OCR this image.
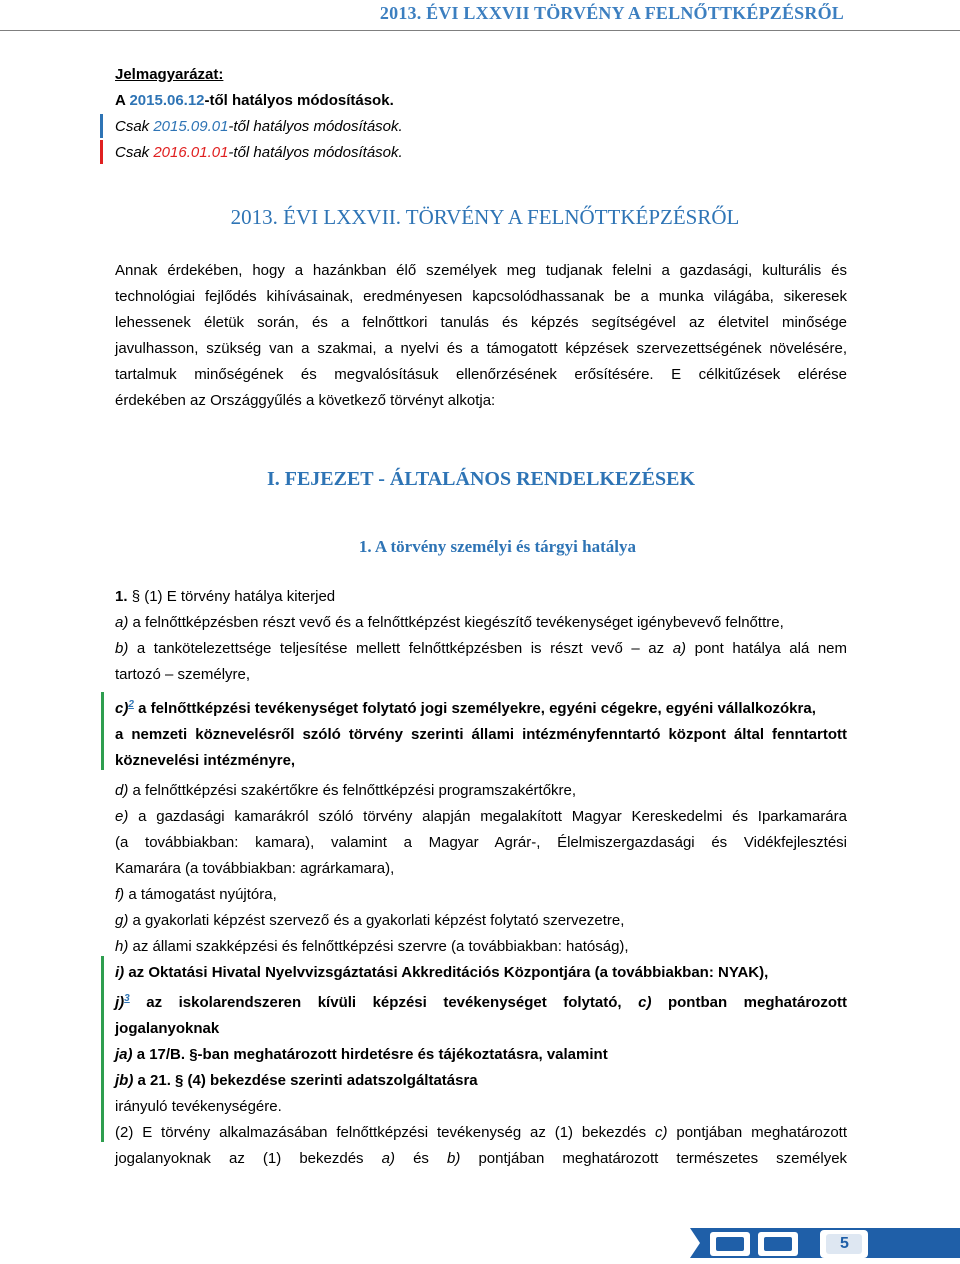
2013. ÉVI LXXVII TÖRVÉNY A FELNŐTTKÉPZÉSRŐL
Jelmagyarázat:
A 2015.06.12-től hatályos módosítások.
Csak 2015.09.01-től hatályos módosítások.
Csak 2016.01.01-től hatályos módosítások.
2013. ÉVI LXXVII. TÖRVÉNY A FELNŐTTKÉPZÉSRŐL
Annak érdekében, hogy a hazánkban élő személyek meg tudjanak felelni a gazdasági, kulturális és
technológiai fejlődés kihívásainak, eredményesen kapcsolódhassanak be a munka világába, sikeresek
lehessenek életük során, és a felnőttkori tanulás és képzés segítségével az életvitel minősége
javulhasson, szükség van a szakmai, a nyelvi és a támogatott képzések szervezettségének növelésére,
tartalmuk minőségének és megvalósításuk ellenőrzésének erősítésére. E célkitűzések elérése
érdekében az Országgyűlés a következő törvényt alkotja:
I. FEJEZET - ÁLTALÁNOS RENDELKEZÉSEK
1. A törvény személyi és tárgyi hatálya

1. § (1) E törvény hatálya kiterjed

a) a felnőttképzésben részt vevő és a felnőttképzést kiegészítő tevékenységet igénybevevő felnőttre,

b) a tankötelezettsége teljesítése mellett felnőttképzésben is részt vevő – az a) pont hatálya alá nem

tartozó – személyre,

c)$^2$ a felnőttképzési tevékenységet folytató jogi személyekre, egyéni cégekre, egyéni vállalkozókra,

a nemzeti köznevelésről szóló törvény szerinti állami intézményfenntartó központ által fenntartott

köznevelési intézményre,

d) a felnőttképzési szakértőkre és felnőttképzési programszakértőkre,

e) a gazdasági kamarákról szóló törvény alapján megalakított Magyar Kereskedelmi és Iparkamarára

(a továbbiakban: kamara), valamint a Magyar Agrár-, Élelmiszergazdasági és Vidékfejlesztési

Kamarára (a továbbiakban: agrárkamara),

f) a támogatást nyújtóra,

g) a gyakorlati képzést szervező és a gyakorlati képzést folytató szervezetre,

h) az állami szakképzési és felnőttképzési szervre (a továbbiakban: hatóság),

i) az Oktatási Hivatal Nyelvvizsgáztatási Akkreditációs Központjára (a továbbiakban: NYAK),

j)$^3$ az iskolarendszeren kívüli képzési tevékenységet folytató, c) pontban meghatározott

jogalanyoknak

ja) a 17/B. §-ban meghatározott hirdetésre és tájékoztatásra, valamint

jb) a 21. § (4) bekezdése szerinti adatszolgáltatásra

irányuló tevékenységére.

(2) E törvény alkalmazásában felnőttképzési tevékenység az (1) bekezdés c) pontjában meghatározott

jogalanyoknak az (1) bekezdés a) és b) pontjában meghatározott természetes személyek

5
